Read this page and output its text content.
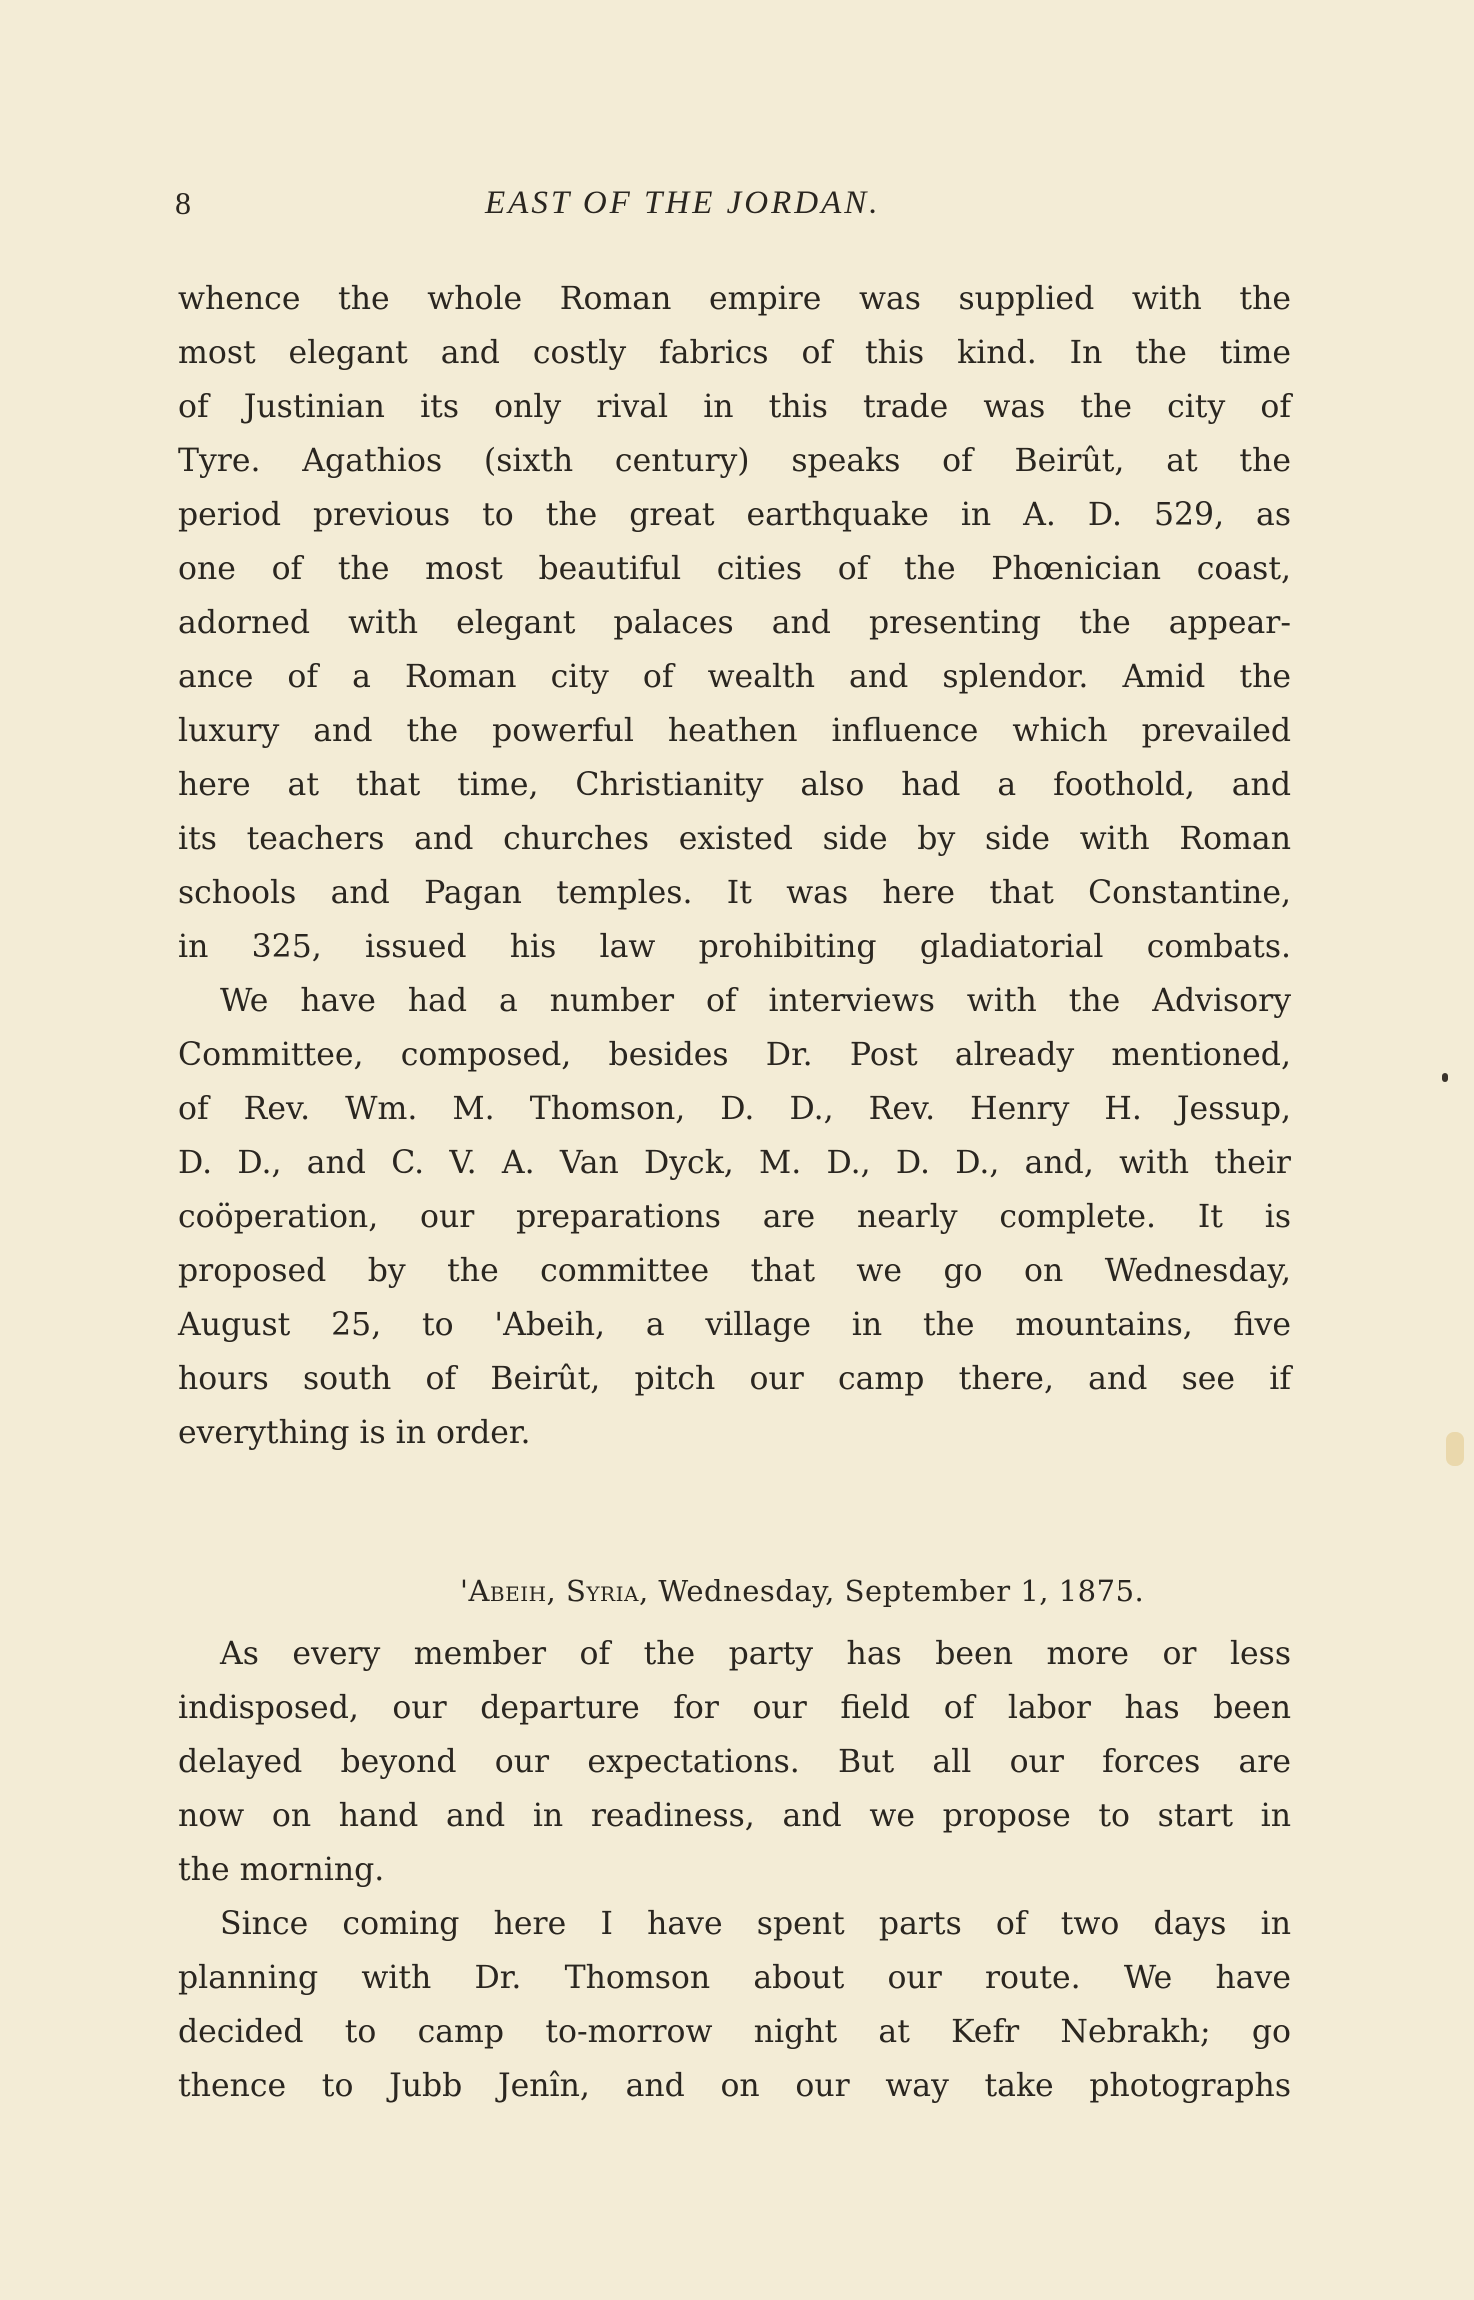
8	EAST OF THE JORDAN.
whence the whole Roman empire was supplied with the
most elegant and costly fabrics of this kind. In the time
of Justinian its only rival in this trade was the city of
Tyre. Agathios (sixth century) speaks of Beirût, at the
period previous to the great earthquake in A. D. 529, as
one of the most beautiful cities of the Phœnician coast,
adorned with elegant palaces and presenting the appear-
ance of a Roman city of wealth and splendor. Amid the
luxury and the powerful heathen influence which prevailed
here at that time, Christianity also had a foothold, and
its teachers and churches existed side by side with Roman
schools and Pagan temples. It was here that Constantine,
in 325, issued his law prohibiting gladiatorial combats.
We have had a number of interviews with the Advisory
Committee, composed, besides Dr. Post already mentioned,
of Rev. Wm. M. Thomson, D. D., Rev. Henry H. Jessup,
D. D., and C. V. A. Van Dyck, M. D., D. D., and, with their
coöperation, our preparations are nearly complete. It is
proposed by the committee that we go on Wednesday,
August 25, to 'Abeih, a village in the mountains, five
hours south of Beirût, pitch our camp there, and see if
everything is in order.
'Abeih, Syria, Wednesday, September 1, 1875.
As every member of the party has been more or less
indisposed, our departure for our field of labor has been
delayed beyond our expectations. But all our forces are
now on hand and in readiness, and we propose to start in
the morning.
Since coming here I have spent parts of two days in
planning with Dr. Thomson about our route. We have
decided to camp to-morrow night at Kefr Nebrakh; go
thence to Jubb Jenîn, and on our way take photographs
